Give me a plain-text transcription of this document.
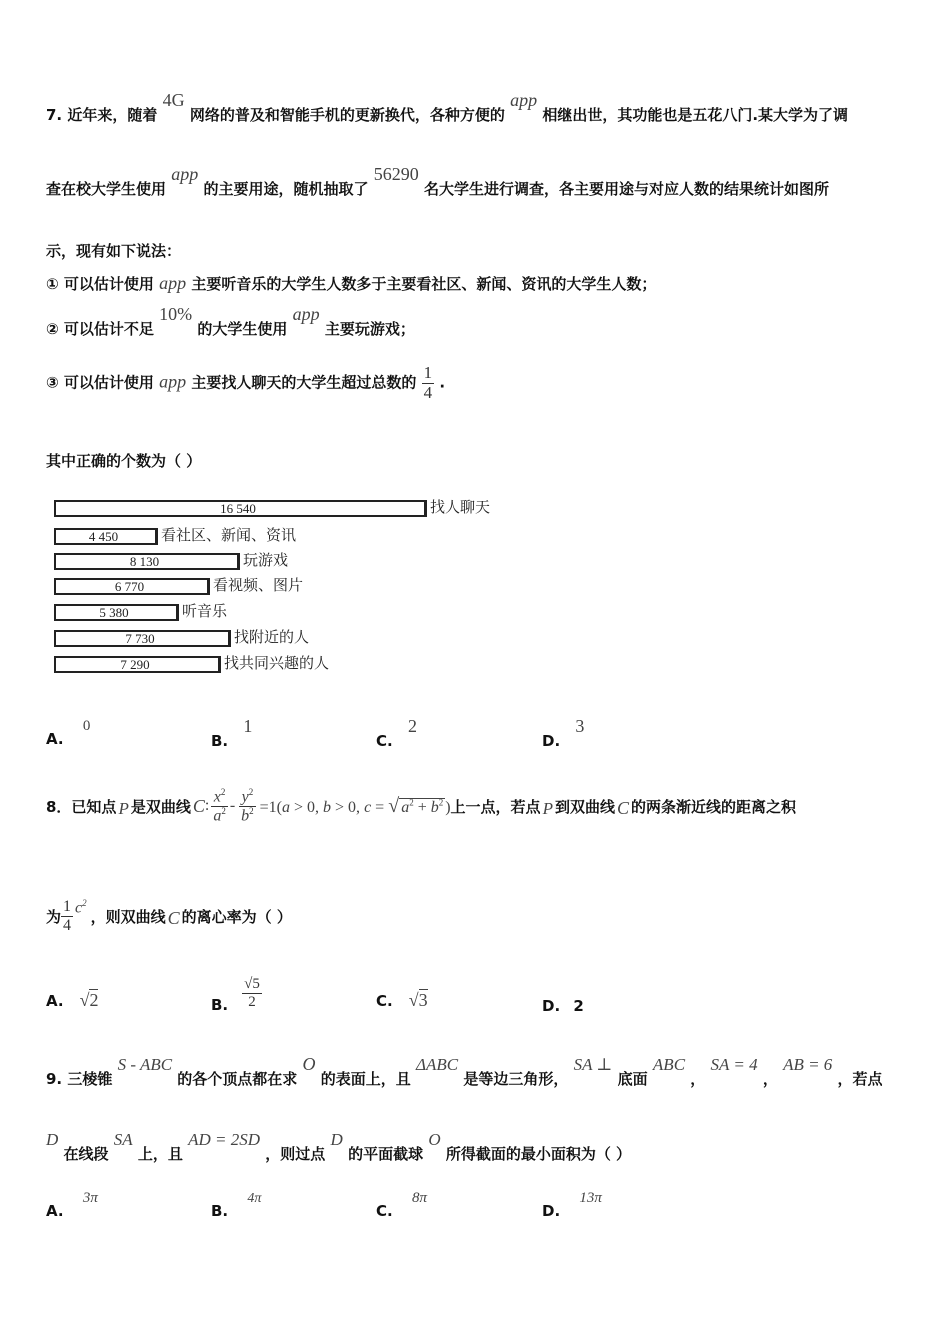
7. 近年来，随着 4G 网络的普及和智能手机的更新换代，各种方便的 app 相继出世，其功能也是五花八门.某大学为了调
查在校大学生使用 app 的主要用途，随机抽取了 56290 名大学生进行调查，各主要用途与对应人数的结果统计如图所
示，现有如下说法：
① 可以估计使用 app 主要听音乐的大学生人数多于主要看社区、新闻、资讯的大学生人数；
② 可以估计不足 10% 的大学生使用 app 主要玩游戏；
③ 可以估计使用 app 主要找人聊天的大学生超过总数的 $\frac{1}{4}$ .
其中正确的个数为（ ）
16 540	找人聊天
4 450	看社区、新闻、资讯
8 130	玩游戏
6 770	看视频、图片
5 380	听音乐
7 730	找附近的人
7 290	找共同兴趣的人
A. 0
B. 1
C. 2
D. 3
8．已知点 P 是双曲线 C : $\frac{x^2}{a^2} - \frac{y^2}{b^2} =1(a > 0$, b > 0, c = √ $a^2 + b^2$ ) 上一点，若点 P 到双曲线 C 的两条渐近线的距离之积
为 $\frac{1}{4} c^2$
，则双曲线 C 的离心率为（ ）
A. √2	B. $\frac{√5}{2}$	C. √3	D. 2
9. 三棱锥 S - ABC 的各个顶点都在求 O 的表面上，且 ΔABC 是等边三角形， SA ⊥ 底面 ABC ， SA = 4 ， AB = 6 ，若点
D 在线段 SA 上，且 AD = 2SD ，则过点 D 的平面截球 O 所得截面的最小面积为（ ）
A. 3π
B. 4π
C. 8π
D. 13π
